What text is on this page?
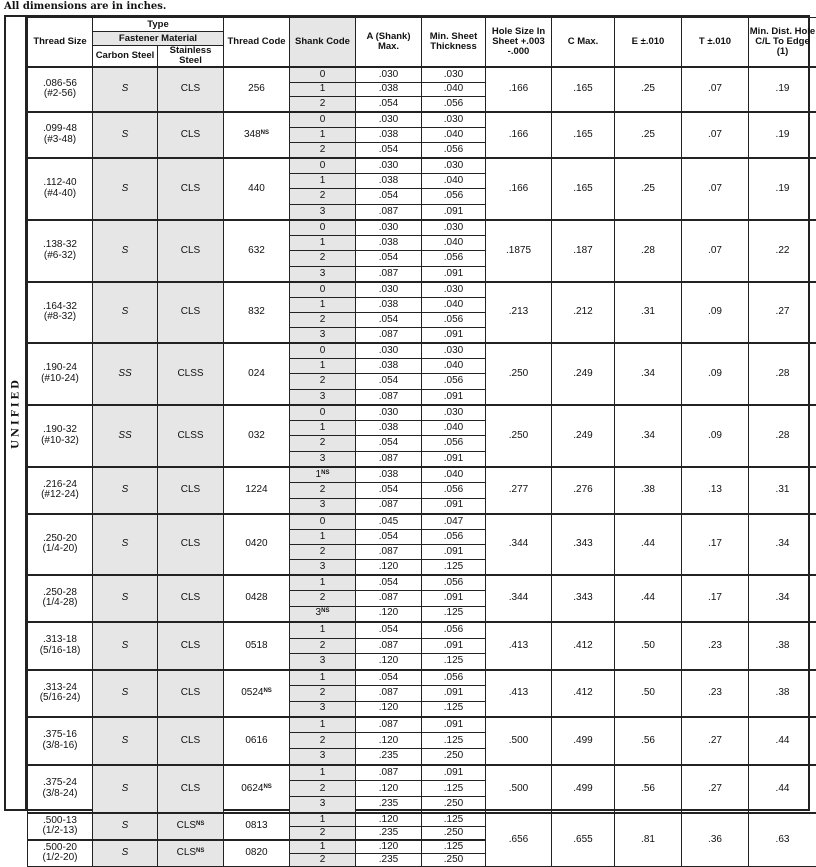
All dimensions are in inches.
UNIFIED
Thread Size	Type		Thread Code	Shank Code	A (Shank) Max.	Min. Sheet Thickness	Hole Size In Sheet +.003 -.000	C Max.	E ±.010	T ±.010	Min. Dist. Hole C/L To Edge (1)
	Fastener Material										
	Carbon Steel	Stainless Steel									

.086-56
(#2-56)	S	CLS	256	0	.030	.030	.166	.165	.25	.07	.19
				1	.038	.040					
				2	.054	.056					

.099-48
(#3-48)	S	CLS	$348^{NS}$	0	.030	.030	.166	.165	.25	.07	.19
				1	.038	.040					
				2	.054	.056					

.112-40
(#4-40)	S	CLS	440	0	.030	.030	.166	.165	.25	.07	.19
				1	.038	.040					
				2	.054	.056					
				3	.087	.091					

.138-32
(#6-32)	S	CLS	632	0	.030	.030	.1875	.187	.28	.07	.22
				1	.038	.040					
				2	.054	.056					
				3	.087	.091					

.164-32
(#8-32)	S	CLS	832	0	.030	.030	.213	.212	.31	.09	.27
				1	.038	.040					
				2	.054	.056					
				3	.087	.091					

.190-24
(#10-24)	SS	CLSS	024	0	.030	.030	.250	.249	.34	.09	.28
				1	.038	.040					
				2	.054	.056					
				3	.087	.091					

.190-32
(#10-32)	SS	CLSS	032	0	.030	.030	.250	.249	.34	.09	.28
				1	.038	.040					
				2	.054	.056					
				3	.087	.091					

.216-24
(#12-24)	S	CLS	1224	$1^{NS}$	.038	.040	.277	.276	.38	.13	.31
				2	.054	.056					
				3	.087	.091					

.250-20
(1/4-20)	S	CLS	0420	0	.045	.047	.344	.343	.44	.17	.34
				1	.054	.056					
				2	.087	.091					
				3	.120	.125					

.250-28
(1/4-28)	S	CLS	0428	1	.054	.056	.344	.343	.44	.17	.34
				2	.087	.091					
				$3^{NS}$	.120	.125					

.313-18
(5/16-18)	S	CLS	0518	1	.054	.056	.413	.412	.50	.23	.38
				2	.087	.091					
				3	.120	.125					

.313-24
(5/16-24)	S	CLS	$0524^{NS}$	1	.054	.056	.413	.412	.50	.23	.38
				2	.087	.091					
				3	.120	.125					

.375-16
(3/8-16)	S	CLS	0616	1	.087	.091	.500	.499	.56	.27	.44
				2	.120	.125					
				3	.235	.250					

.375-24
(3/8-24)	S	CLS	$0624^{NS}$	1	.087	.091	.500	.499	.56	.27	.44
				2	.120	.125					
				3	.235	.250					

.500-13
(1/2-13)	S	$CLS^{NS}$	0813	1	.120	.125	.656	.655	.81	.36	.63
				2	.235	.250					

.500-20
(1/2-20)	S	$CLS^{NS}$	0820	1	.120	.125					
				2	.235	.250					
